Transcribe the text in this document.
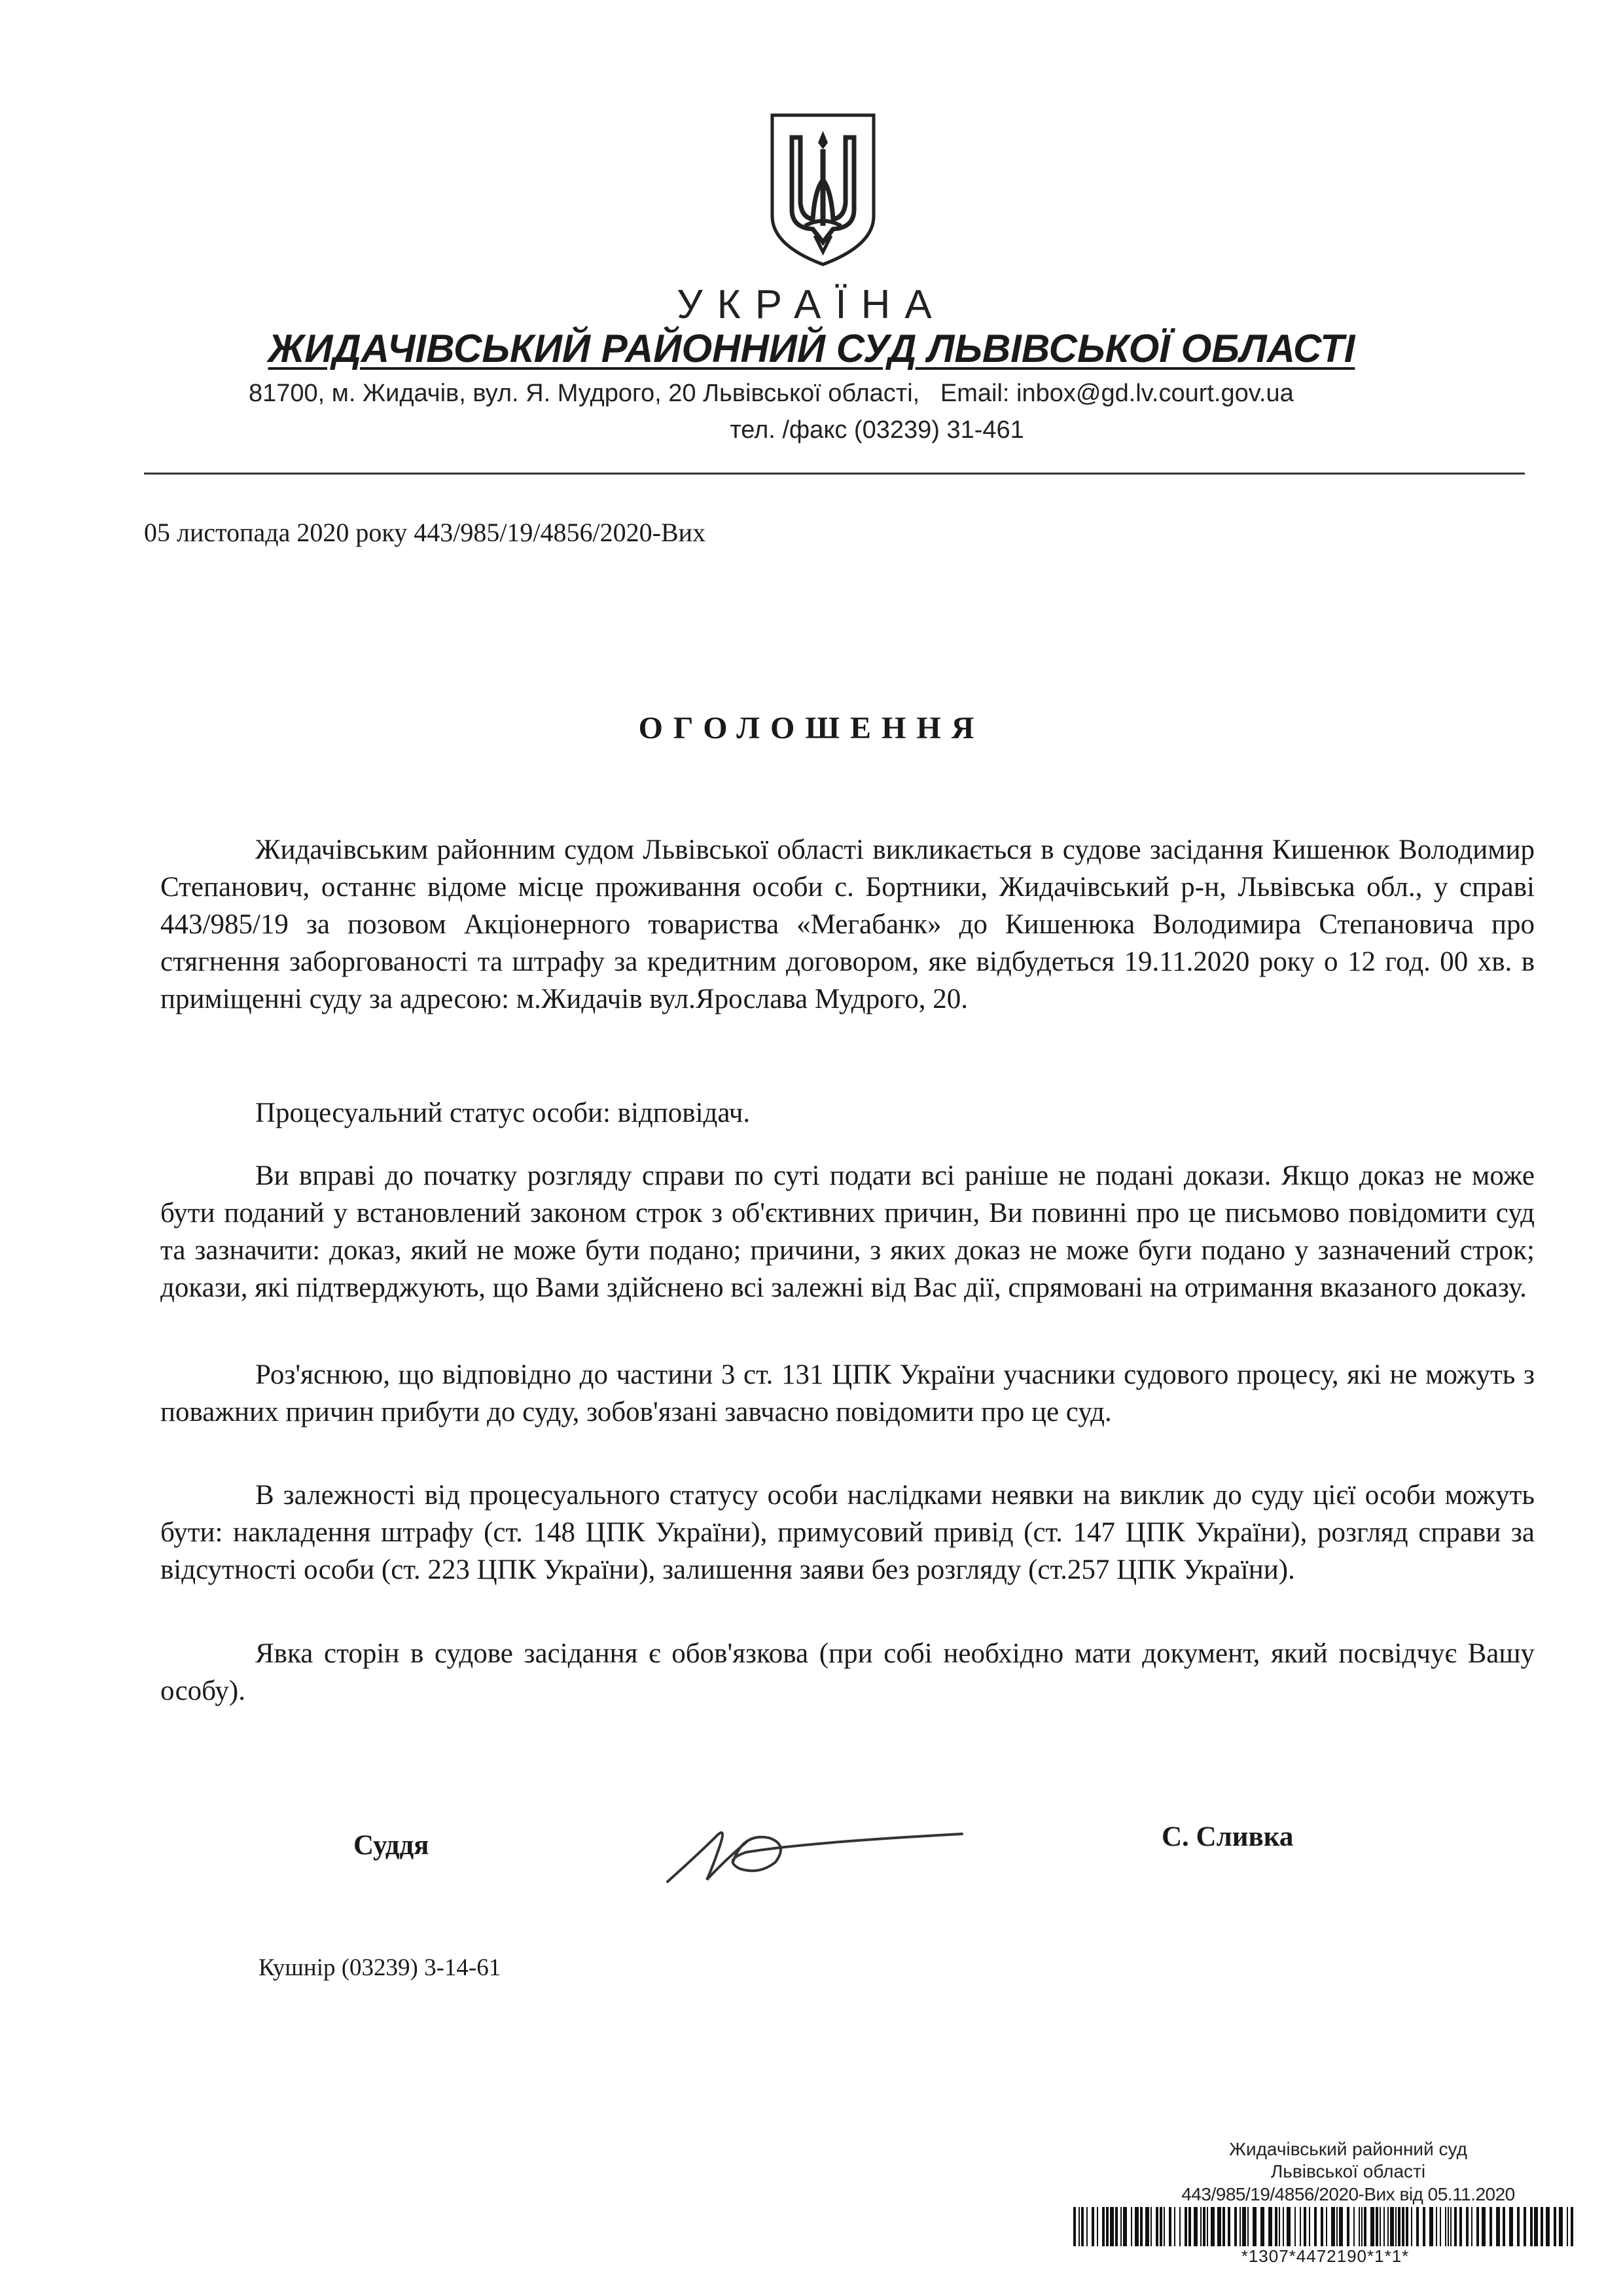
УКРАЇНА
ЖИДАЧІВСЬКИЙ РАЙОННИЙ СУД ЛЬВІВСЬКОЇ ОБЛАСТІ
81700, м. Жидачів, вул. Я. Мудрого, 20 Львівської області, Email: inbox@gd.lv.court.gov.ua
тел. /факс (03239) 31-461
05 листопада 2020 року 443/985/19/4856/2020-Вих
ОГОЛОШЕННЯ

Жидачівським районним судом Львівської області викликається в судове засідання Кишенюк Володимир Степанович, останнє відоме місце проживання особи с. Бортники, Жидачівський р-н, Львівська обл., у справі 443/985/19 за позовом Акціонерного товариства «Мегабанк» до Кишенюка Володимира Степановича про стягнення заборгованості та штрафу за кредитним договором, яке відбудеться 19.11.2020 року о 12 год. 00 хв. в приміщенні суду за адресою: м.Жидачів вул.Ярослава Мудрого, 20.

Процесуальний статус особи: відповідач.

Ви вправі до початку розгляду справи по суті подати всі раніше не подані докази. Якщо доказ не може бути поданий у встановлений законом строк з об'єктивних причин, Ви повинні про це письмово повідомити суд та зазначити: доказ, який не може бути подано; причини, з яких доказ не може буги подано у зазначений строк; докази, які підтверджують, що Вами здійснено всі залежні від Вас дії, спрямовані на отримання вказаного доказу.

Роз'яснюю, що відповідно до частини 3 ст. 131 ЦПК України учасники судового процесу, які не можуть з поважних причин прибути до суду, зобов'язані завчасно повідомити про це суд.

В залежності від процесуального статусу особи наслідками неявки на виклик до суду цієї особи можуть бути: накладення штрафу (ст. 148 ЦПК України), примусовий привід (ст. 147 ЦПК України), розгляд справи за відсутності особи (ст. 223 ЦПК України), залишення заяви без розгляду (ст.257 ЦПК України).

Явка сторін в судове засідання є обов'язкова (при собі необхідно мати документ, який посвідчує Вашу особу).

Суддя	С. Сливка
Кушнір (03239) 3-14-61
Жидачівський районний суд
Львівської області
443/985/19/4856/2020-Вих від 05.11.2020
*1307*4472190*1*1*
